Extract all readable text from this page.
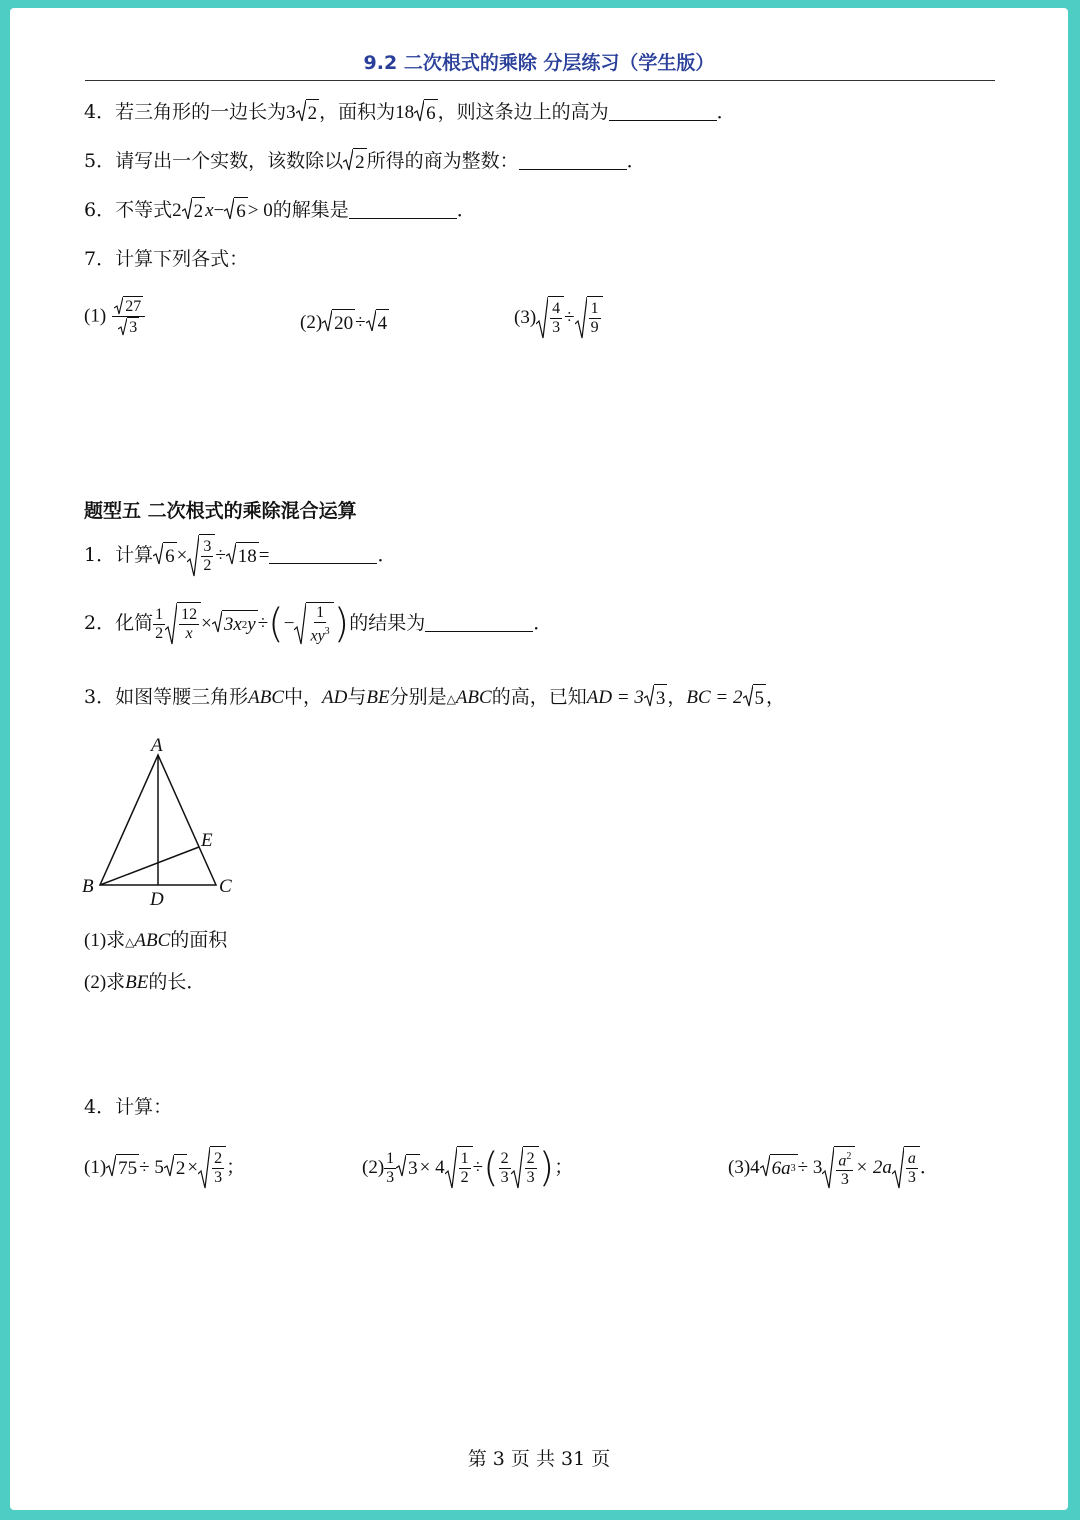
9.2 二次根式的乘除 分层练习（学生版）
4．若三角形的一边长为3 2 ，面积为18 6 ，则这条边上的高为	．
5．请写出一个实数，该数除以 2 所得的商为整数：	．
6．不等式2 2 x− 6 > 0的解集是	．
7．计算下列各式：
$(1) \frac{27}{3}$	(2) 20 ÷ 4	$(3) \frac{4}{3} \div \frac{1}{9}$
题型五 二次根式的乘除混合运算
1．计算 $6 \times \frac{3}{2} \div 18$ =	．
2．化简 $\frac{1}{2} \frac{12}{x} \times 3x$ 2 y ÷(− $\frac{1}{xy^3}$ )的结果为	．
3．如图等腰三角形ABC中，AD与BE分别是△ABC的高，已知AD = 3 3 ，BC = 2 5 ，
A
B	C
D
E
(1)求△ABC的面积
(2)求BE的长．
4．计算：
(1) 75 ÷ 5 $2 \times \frac{2}{3}$ ；	$(2) \frac{1}{3} 3 \times 4 \frac{1}{2}$ ÷( $\frac{2}{3} \frac{2}{3}$ )；	(3)4 6a $3 \div 3 \frac{a^2}{3} \times 2a \frac{a}{3}$ ．
第 3 页 共 31 页
